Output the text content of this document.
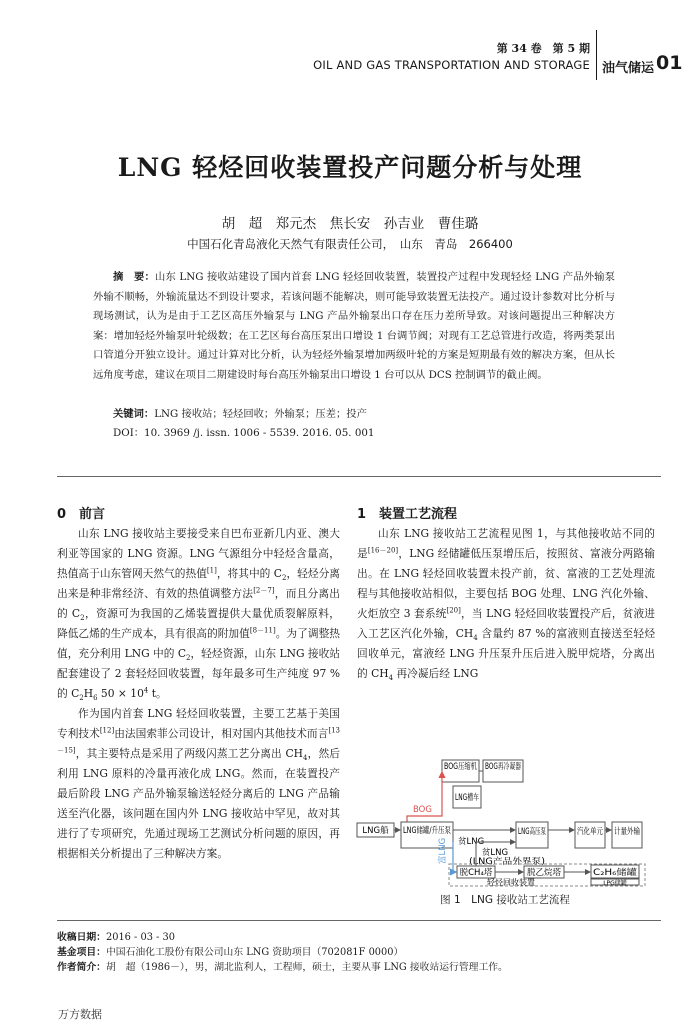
第 34 卷　第 5 期
OIL AND GAS TRANSPORTATION AND STORAGE 油气储运 01
LNG 轻烃回收装置投产问题分析与处理
胡　超　郑元杰　焦长安　孙吉业　曹佳璐
中国石化青岛液化天然气有限责任公司，　山东　青岛　266400
摘　要：山东 LNG 接收站建设了国内首套 LNG 轻烃回收装置，装置投产过程中发现轻烃 LNG 产品外输泵外输不顺畅，外输流量达不到设计要求，若该问题不能解决，则可能导致装置无法投产。通过设计参数对比分析与现场测试，认为是由于工艺区高压外输泵与 LNG 产品外输泵出口存在压力差所导致。对该问题提出三种解决方案：增加轻烃外输泵叶轮级数；在工艺区每台高压泵出口增设 1 台调节阀；对现有工艺总管进行改造，将两类泵出口管道分开独立设计。通过计算对比分析，认为轻烃外输泵增加两级叶轮的方案是短期最有效的解决方案，但从长远角度考虑，建议在项目二期建设时每台高压外输泵出口增设 1 台可以从 DCS 控制调节的截止阀。
关键词：LNG 接收站；轻烃回收；外输泵；压差；投产
DOI：10. 3969 /j. issn. 1006 - 5539. 2016. 05. 001
0　前言

山东 LNG 接收站主要接受来自巴布亚新几内亚、澳大利亚等国家的 LNG 资源。LNG 气源组分中轻烃含量高，热值高于山东管网天然气的热值[1]，将其中的 $C_2$，轻烃分离出来是种非常经济、有效的热值调整方法[2－7]，而且分离出的 $C_2$，资源可为我国的乙烯装置提供大量优质裂解原料，降低乙烯的生产成本，具有很高的附加值[8－11]。为了调整热值，充分利用 LNG 中的 $C_2$，轻烃资源，山东 LNG 接收站配套建设了 2 套轻烃回收装置，每年最多可生产纯度 97 %的 $C_2H_6$ $50 \times 10^4$ t。

作为国内首套 LNG 轻烃回收装置，主要工艺基于美国专利技术[12]由法国索菲公司设计，相对国内其他技术而言[13－15]，其主要特点是采用了两级闪蒸工艺分离出 $CH_4$，然后利用 LNG 原料的冷量再液化成 LNG。然而，在装置投产最后阶段 LNG 产品外输泵输送轻烃分离后的 LNG 产品输送至汽化器，该问题在国内外 LNG 接收站中罕见，故对其进行了专项研究，先通过现场工艺测试分析问题的原因，再根据相关分析提出了三种解决方案。

1　装置工艺流程

山东 LNG 接收站工艺流程见图 1，与其他接收站不同的是[16－20]，LNG 经储罐低压泵增压后，按照贫、富液分两路输出。在 LNG 轻烃回收装置未投产前，贫、富液的工艺处理流程与其他接收站相似，主要包括 BOG 处理、LNG 汽化外输、火炬放空 3 套系统[20]，当 LNG 轻烃回收装置投产后，贫液进入工艺区汽化外输，$CH_4$ 含量约 87 %的富液则直接送至轻烃回收单元，富液经 LNG 升压泵升压后进入脱甲烷塔，分离出的 $CH_4$ 再冷凝后经 LNG

BOG压缩机
BOG再冷凝器
LNG槽车
BOG
LNG船 LNG储罐/升压泵
贫LNG
LNG高压泵
贫LNG
(LNG产品外界泵)
汽化单元 计量外输
富LNG
脱CH₄塔	脱乙烷塔	C₂H₆储罐
轻烃回收装置	LPG储罐
图 1　LNG 接收站工艺流程
收稿日期：2016 - 03 - 30
基金项目：中国石油化工股份有限公司山东 LNG 资助项目（702081F 0000）
作者简介：胡　超（1986－），男，湖北监利人，工程师，硕士，主要从事 LNG 接收站运行管理工作。
万方数据
